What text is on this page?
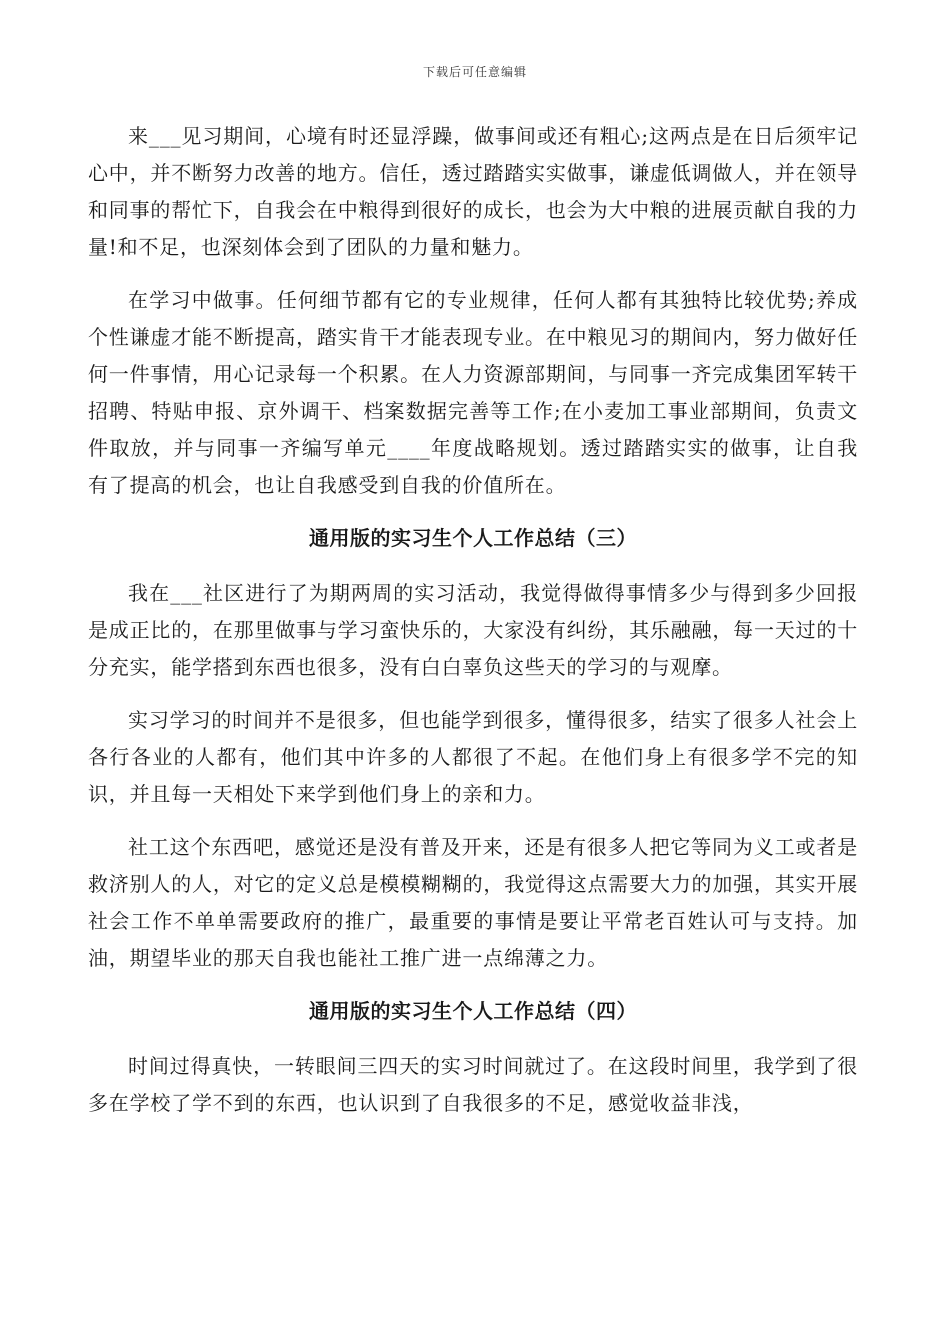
下载后可任意编辑

来___见习期间，心境有时还显浮躁，做事间或还有粗心;这两点是在日后须牢记心中，并不断努力改善的地方。信任，透过踏踏实实做事，谦虚低调做人，并在领导和同事的帮忙下，自我会在中粮得到很好的成长，也会为大中粮的进展贡献自我的力量!和不足，也深刻体会到了团队的力量和魅力。

在学习中做事。任何细节都有它的专业规律，任何人都有其独特比较优势;养成个性谦虚才能不断提高，踏实肯干才能表现专业。在中粮见习的期间内，努力做好任何一件事情，用心记录每一个积累。在人力资源部期间，与同事一齐完成集团军转干招聘、特贴申报、京外调干、档案数据完善等工作;在小麦加工事业部期间，负责文件取放，并与同事一齐编写单元____年度战略规划。透过踏踏实实的做事，让自我有了提高的机会，也让自我感受到自我的价值所在。

通用版的实习生个人工作总结（三）

我在___社区进行了为期两周的实习活动，我觉得做得事情多少与得到多少回报是成正比的，在那里做事与学习蛮快乐的，大家没有纠纷，其乐融融，每一天过的十分充实，能学搭到东西也很多，没有白白辜负这些天的学习的与观摩。

实习学习的时间并不是很多，但也能学到很多，懂得很多，结实了很多人社会上各行各业的人都有，他们其中许多的人都很了不起。在他们身上有很多学不完的知识，并且每一天相处下来学到他们身上的亲和力。

社工这个东西吧，感觉还是没有普及开来，还是有很多人把它等同为义工或者是救济别人的人，对它的定义总是模模糊糊的，我觉得这点需要大力的加强，其实开展社会工作不单单需要政府的推广，最重要的事情是要让平常老百姓认可与支持。加油，期望毕业的那天自我也能社工推广进一点绵薄之力。

通用版的实习生个人工作总结（四）

时间过得真快，一转眼间三四天的实习时间就过了。在这段时间里，我学到了很多在学校了学不到的东西，也认识到了自我很多的不足，感觉收益非浅，
